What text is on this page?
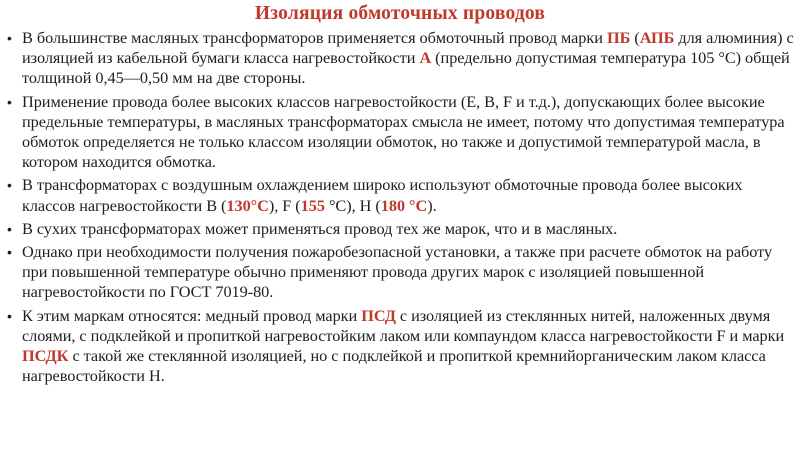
Изоляция обмоточных проводов
• В большинстве масляных трансформаторов применяется обмоточный провод марки ПБ (АПБ для алюминия) с изоляцией из кабельной бумаги класса нагревостойкости А (предельно допустимая температура 105 °С) общей толщиной 0,45—0,50 мм на две стороны.
• Применение провода более высоких классов нагревостойкости (Е, В, F и т.д.), допускающих более высокие предельные температуры, в масляных трансформаторах смысла не имеет, потому что допустимая температура обмоток определяется не только классом изоляции обмоток, но также и допустимой температурой масла, в котором находится обмотка.
• В трансформаторах с воздушным охлаждением широко используют обмоточные провода более высоких классов нагревостойкости В (130°С), F (155 °С), Н (180 °С).
• В сухих трансформаторах может применяться провод тех же марок, что и в масляных.
• Однако при необходимости получения пожаробезопасной установки, а также при расчете обмоток на работу при повышенной температуре обычно применяют провода других марок с изоляцией повышенной нагревостойкости по ГОСТ 7019-80.
• К этим маркам относятся: медный провод марки ПСД с изоляцией из стеклянных нитей, наложенных двумя слоями, с подклейкой и пропиткой нагревостойким лаком или компаундом класса нагревостойкости F и марки ПСДК с такой же стеклянной изоляцией, но с подклейкой и пропиткой кремнийорганическим лаком класса нагревостойкости Н.
